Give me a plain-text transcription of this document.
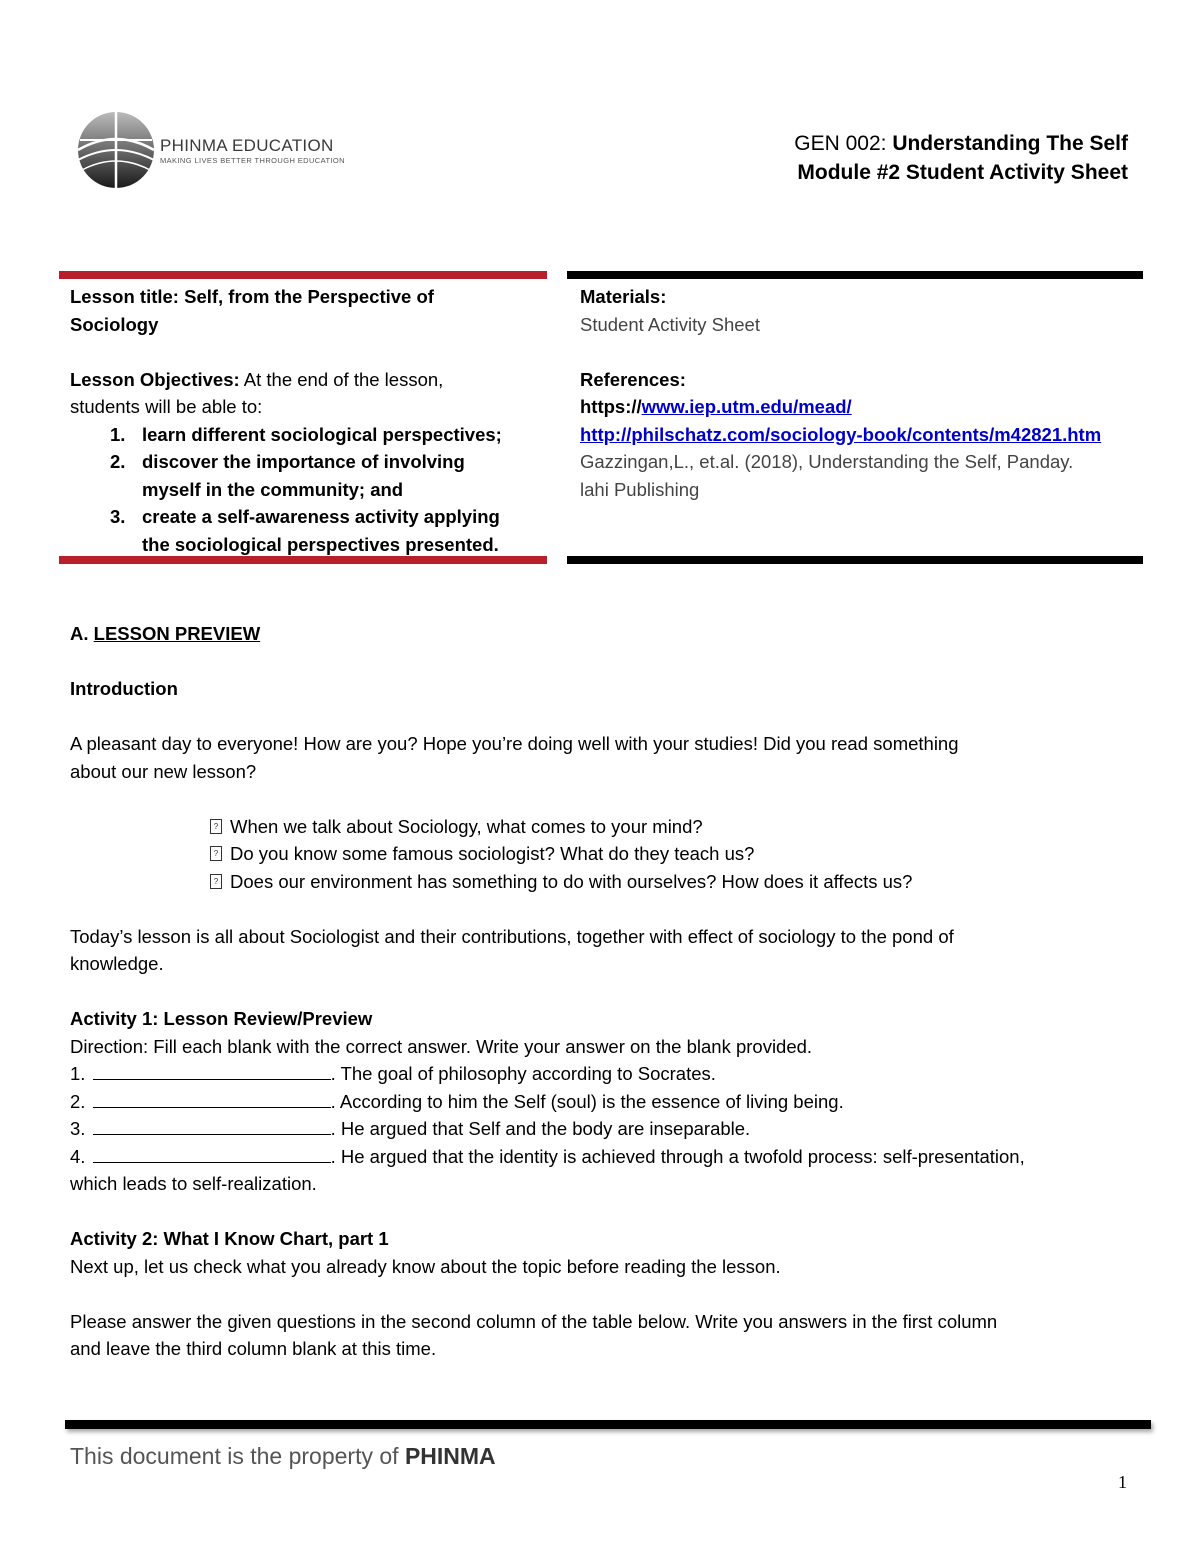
PHINMA EDUCATION
MAKING LIVES BETTER THROUGH EDUCATION
GEN 002: Understanding The Self
Module #2 Student Activity Sheet
Lesson title: Self, from the Perspective of
Sociology
Lesson Objectives: At the end of the lesson,
students will be able to:
1. learn different sociological perspectives;
2. discover the importance of involving
myself in the community; and
3. create a self-awareness activity applying
the sociological perspectives presented.
Materials:
Student Activity Sheet
References:
https://www.iep.utm.edu/mead/
http://philschatz.com/sociology-book/contents/m42821.htm
Gazzingan,L., et.al. (2018), Understanding the Self, Panday.
lahi Publishing
A. LESSON PREVIEW
Introduction
A pleasant day to everyone! How are you? Hope you’re doing well with your studies! Did you read something
about our new lesson?
? When we talk about Sociology, what comes to your mind?
? Do you know some famous sociologist? What do they teach us?
? Does our environment has something to do with ourselves? How does it affects us?
Today’s lesson is all about Sociologist and their contributions, together with effect of sociology to the pond of
knowledge.
Activity 1: Lesson Review/Preview
Direction: Fill each blank with the correct answer. Write your answer on the blank provided.
1.	. The goal of philosophy according to Socrates.
2.	. According to him the Self (soul) is the essence of living being.
3.	. He argued that Self and the body are inseparable.
4.	. He argued that the identity is achieved through a twofold process: self-presentation,
which leads to self-realization.
Activity 2: What I Know Chart, part 1
Next up, let us check what you already know about the topic before reading the lesson.
Please answer the given questions in the second column of the table below. Write you answers in the first column
and leave the third column blank at this time.
This document is the property of PHINMA
1
